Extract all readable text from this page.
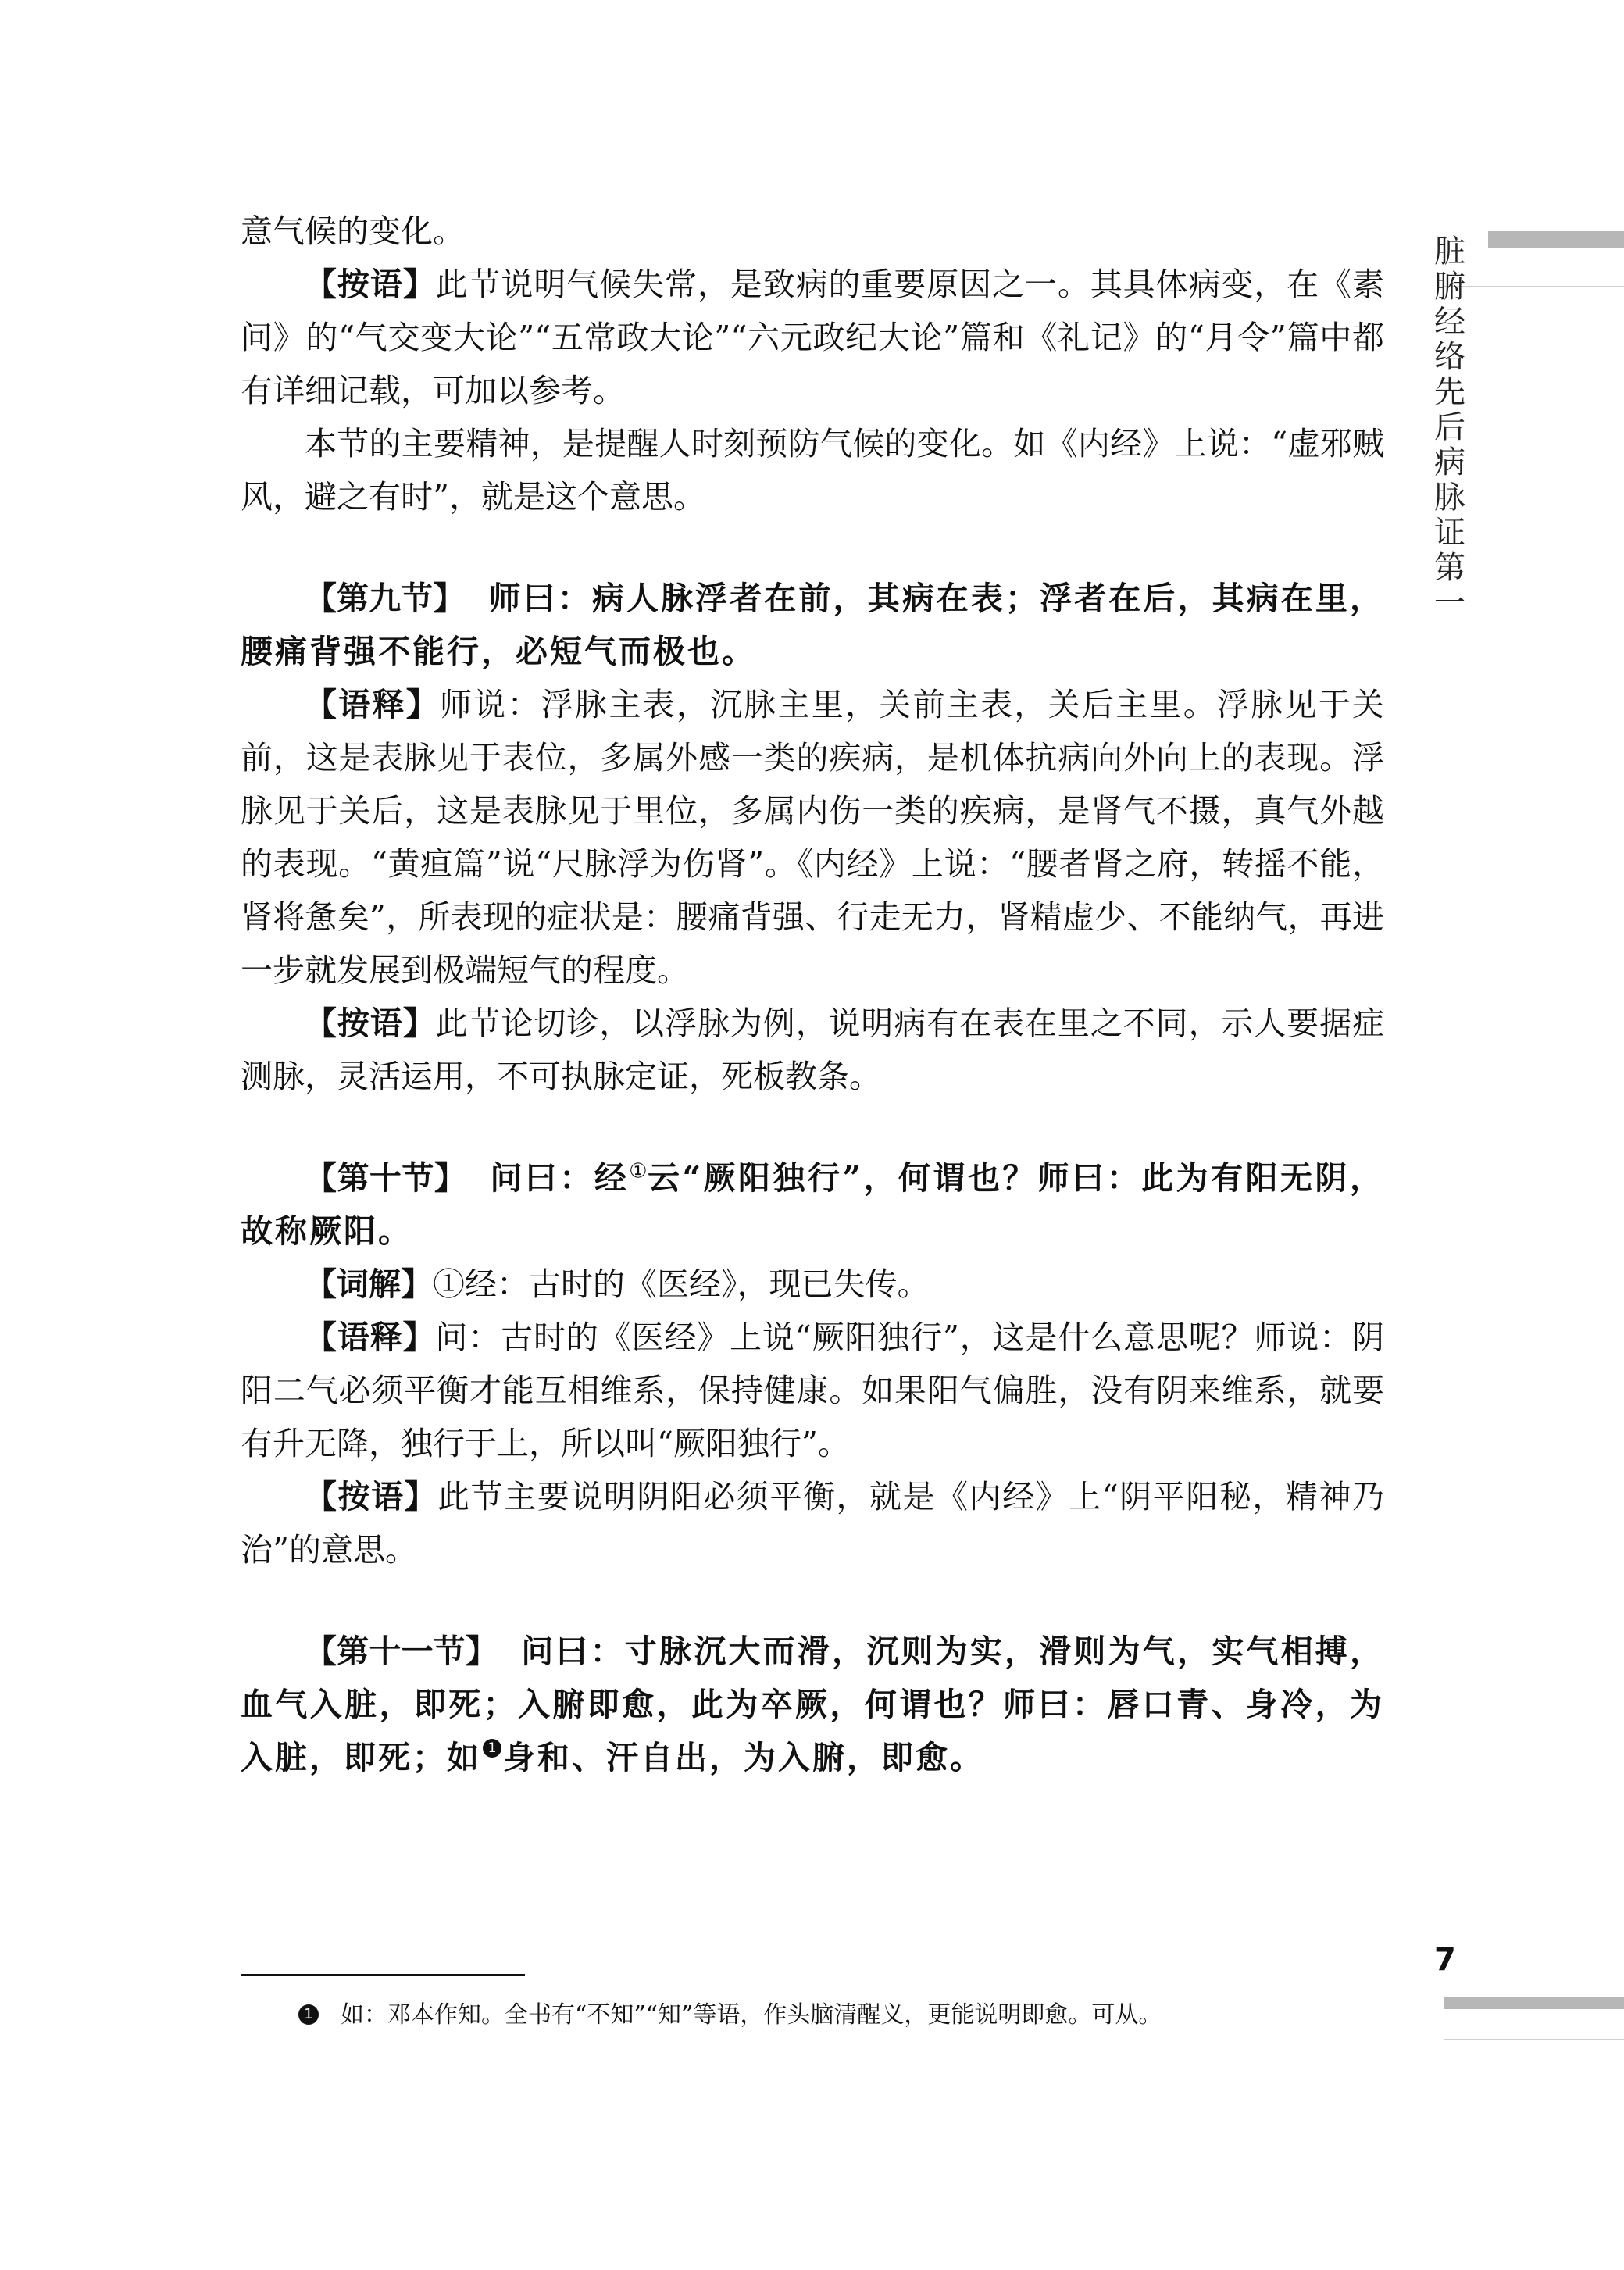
脏腑经络先后病脉证第一

意气候的变化。

【按语】此节说明气候失常，是致病的重要原因之一。其具体病变，在《素问》的“气交变大论”“五常政大论”“六元政纪大论”篇和《礼记》的“月令”篇中都有详细记载，可加以参考。

本节的主要精神，是提醒人时刻预防气候的变化。如《内经》上说：“虚邪贼风，避之有时”，就是这个意思。

【第九节】 师曰：病人脉浮者在前，其病在表；浮者在后，其病在里，腰痛背强不能行，必短气而极也。

【语释】师说：浮脉主表，沉脉主里，关前主表，关后主里。浮脉见于关前，这是表脉见于表位，多属外感一类的疾病，是机体抗病向外向上的表现。浮脉见于关后，这是表脉见于里位，多属内伤一类的疾病，是肾气不摄，真气外越的表现。“黄疸篇”说“尺脉浮为伤肾”。《内经》上说：“腰者肾之府，转摇不能，肾将惫矣”，所表现的症状是：腰痛背强、行走无力，肾精虚少、不能纳气，再进一步就发展到极端短气的程度。

【按语】此节论切诊，以浮脉为例，说明病有在表在里之不同，示人要据症测脉，灵活运用，不可执脉定证，死板教条。

【第十节】 问曰：经①云“厥阳独行”，何谓也？师曰：此为有阳无阴，故称厥阳。

【词解】①经：古时的《医经》，现已失传。

【语释】问：古时的《医经》上说“厥阳独行”，这是什么意思呢？师说：阴阳二气必须平衡才能互相维系，保持健康。如果阳气偏胜，没有阴来维系，就要有升无降，独行于上，所以叫“厥阳独行”。

【按语】此节主要说明阴阳必须平衡，就是《内经》上“阴平阳秘，精神乃治”的意思。

【第十一节】 问曰：寸脉沉大而滑，沉则为实，滑则为气，实气相搏，血气入脏，即死；入腑即愈，此为卒厥，何谓也？师曰：唇口青、身冷，为入脏，即死；如 1 身和、汗自出，为入腑，即愈。

1 如：邓本作知。全书有“不知”“知”等语，作头脑清醒义，更能说明即愈。可从。
7
